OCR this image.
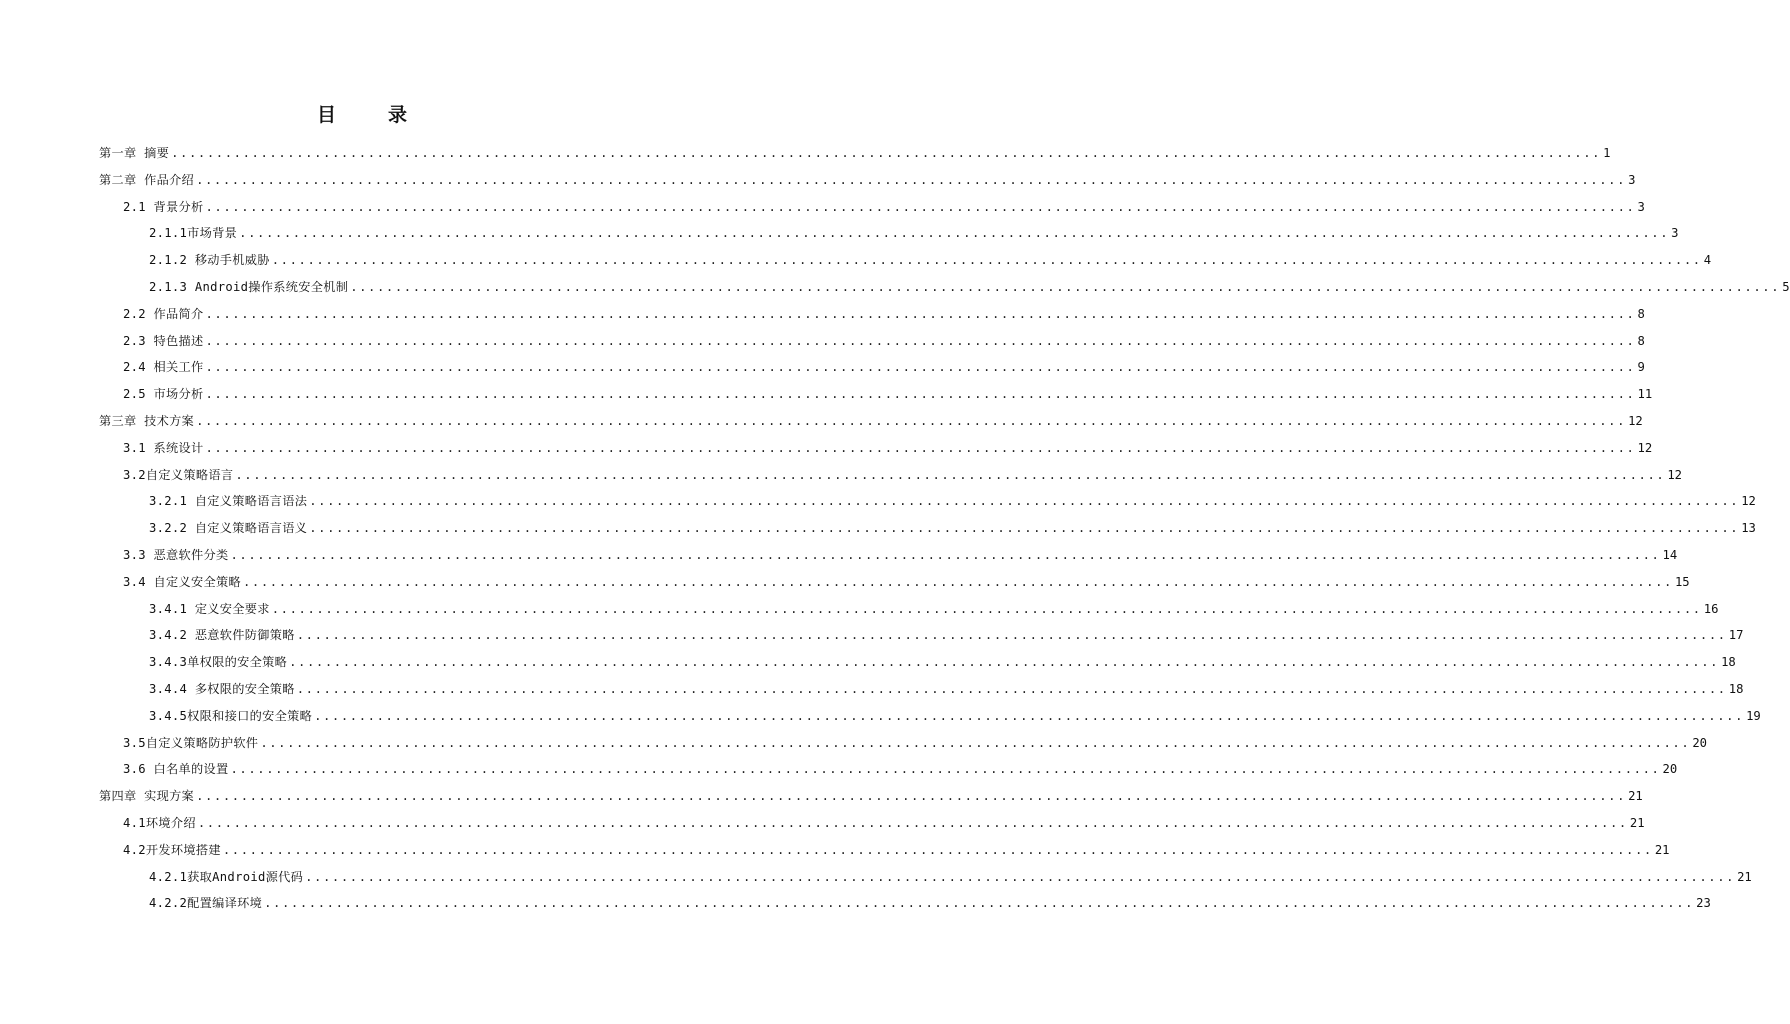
目	录
第一章 摘要 ................................................................................................................................................................ 1
第二章 作品介绍 ................................................................................................................................................................ 3
2.1 背景分析 ................................................................................................................................................................ 3
2.1.1市场背景 ................................................................................................................................................................ 3
2.1.2 移动手机威胁 ................................................................................................................................................................ 4
2.1.3 Android操作系统安全机制 ................................................................................................................................................................ 5
2.2 作品简介 ................................................................................................................................................................ 8
2.3 特色描述 ................................................................................................................................................................ 8
2.4 相关工作 ................................................................................................................................................................ 9
2.5 市场分析 ................................................................................................................................................................ 11
第三章 技术方案 ................................................................................................................................................................ 12
3.1 系统设计 ................................................................................................................................................................ 12
3.2自定义策略语言 ................................................................................................................................................................ 12
3.2.1 自定义策略语言语法 ................................................................................................................................................................ 12
3.2.2 自定义策略语言语义 ................................................................................................................................................................ 13
3.3 恶意软件分类 ................................................................................................................................................................ 14
3.4 自定义安全策略 ................................................................................................................................................................ 15
3.4.1 定义安全要求 ................................................................................................................................................................ 16
3.4.2 恶意软件防御策略 ................................................................................................................................................................ 17
3.4.3单权限的安全策略 ................................................................................................................................................................ 18
3.4.4 多权限的安全策略 ................................................................................................................................................................ 18
3.4.5权限和接口的安全策略 ................................................................................................................................................................ 19
3.5自定义策略防护软件 ................................................................................................................................................................ 20
3.6 白名单的设置 ................................................................................................................................................................ 20
第四章 实现方案 ................................................................................................................................................................ 21
4.1环境介绍 ................................................................................................................................................................ 21
4.2开发环境搭建 ................................................................................................................................................................ 21
4.2.1获取Android源代码 ................................................................................................................................................................ 21
4.2.2配置编译环境 ................................................................................................................................................................ 23
